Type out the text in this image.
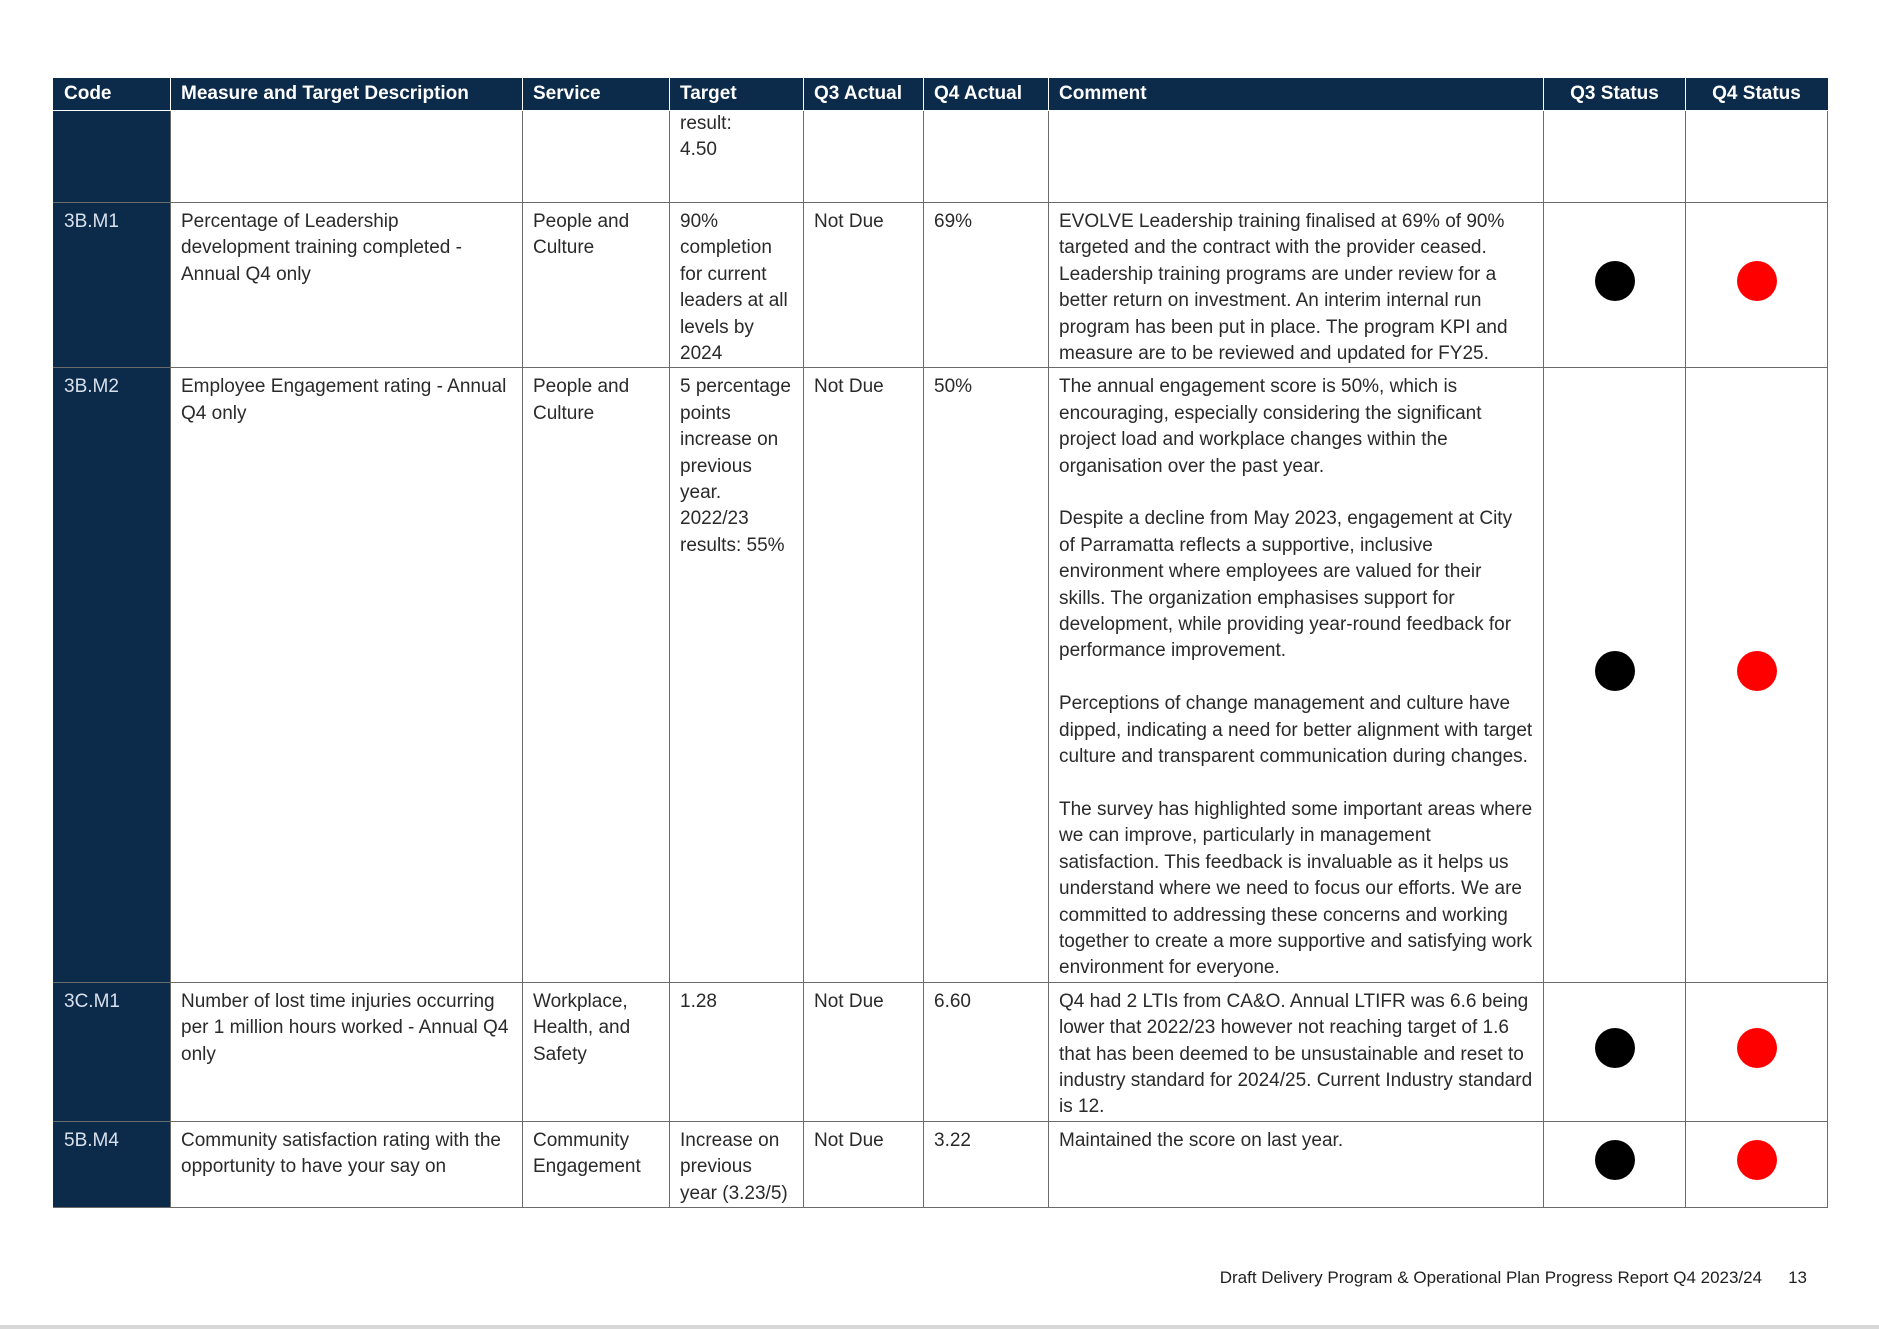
Code	Measure and Target Description	Service	Target	Q3 Actual	Q4 Actual	Comment	Q3 Status	Q4 Status
			result:
4.50					
3B.M1	Percentage of Leadership development training completed - Annual Q4 only	People and Culture	90% completion for current leaders at all levels by 2024	Not Due	69%	EVOLVE Leadership training finalised at 69% of 90% targeted and the contract with the provider ceased. Leadership training programs are under review for a better return on investment. An interim internal run program has been put in place. The program KPI and measure are to be reviewed and updated for FY25.		

3B.M2	Employee Engagement rating - Annual Q4 only	People and Culture	5 percentage points increase on previous year. 2022/23 results: 55%	Not Due	50%	The annual engagement score is 50%, which is encouraging, especially considering the significant project load and workplace changes within the organisation over the past year.

Despite a decline from May 2023, engagement at City of Parramatta reflects a supportive, inclusive environment where employees are valued for their skills. The organization emphasises support for development, while providing year-round feedback for performance improvement.

Perceptions of change management and culture have dipped, indicating a need for better alignment with target culture and transparent communication during changes.

The survey has highlighted some important areas where we can improve, particularly in management satisfaction. This feedback is invaluable as it helps us understand where we need to focus our efforts. We are committed to addressing these concerns and working together to create a more supportive and satisfying work environment for everyone.		

3C.M1	Number of lost time injuries occurring per 1 million hours worked - Annual Q4 only	Workplace, Health, and Safety	1.28	Not Due	6.60	Q4 had 2 LTIs from CA&O. Annual LTIFR was 6.6 being lower that 2022/23 however not reaching target of 1.6 that has been deemed to be unsustainable and reset to industry standard for 2024/25. Current Industry standard is 12.		

5B.M4	Community satisfaction rating with the opportunity to have your say on	Community Engagement	Increase on previous year (3.23/5)	Not Due	3.22	Maintained the score on last year.		

Draft Delivery Program & Operational Plan Progress Report Q4 2023/24 13
